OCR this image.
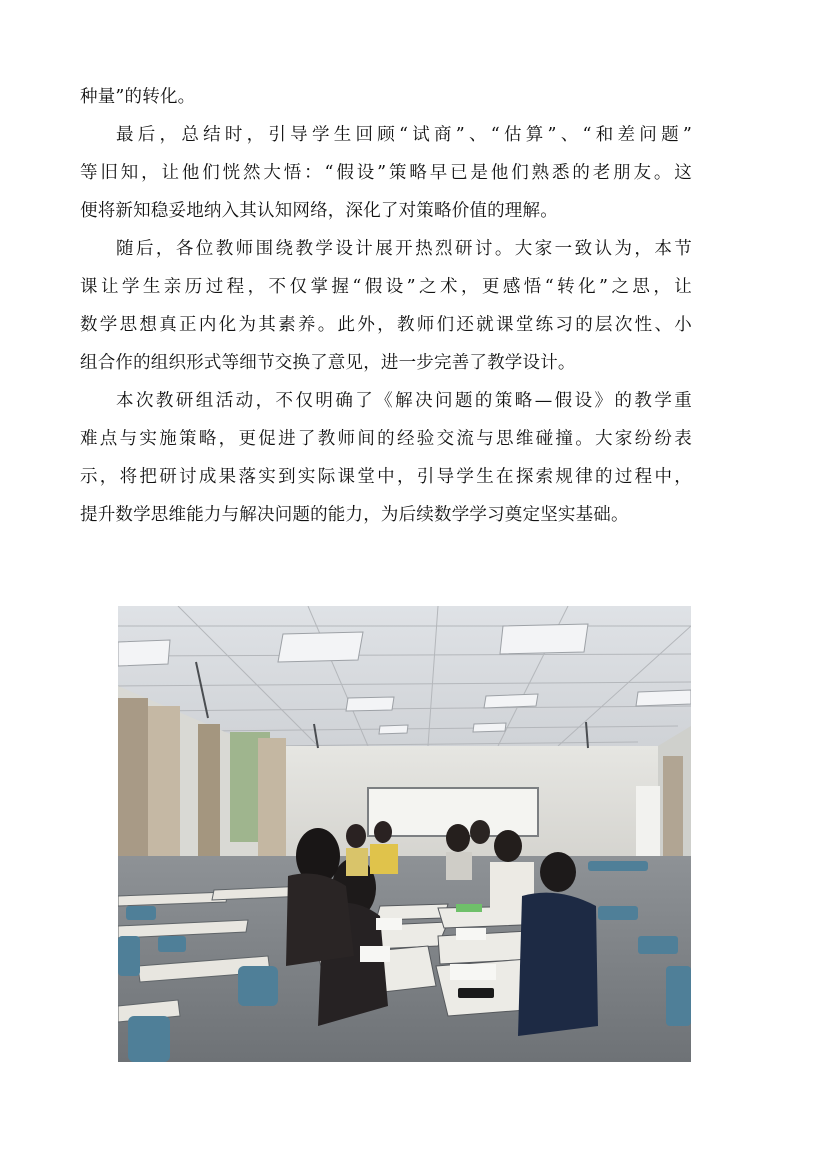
种量”的转化。
最后，总结时，引导学生回顾“试商”、“估算”、“和差问题”
等旧知，让他们恍然大悟：“假设”策略早已是他们熟悉的老朋友。这
便将新知稳妥地纳入其认知网络，深化了对策略价值的理解。
随后，各位教师围绕教学设计展开热烈研讨。大家一致认为，本节
课让学生亲历过程，不仅掌握“假设”之术，更感悟“转化”之思，让
数学思想真正内化为其素养。此外，教师们还就课堂练习的层次性、小
组合作的组织形式等细节交换了意见，进一步完善了教学设计。
本次教研组活动，不仅明确了《解决问题的策略—假设》的教学重
难点与实施策略，更促进了教师间的经验交流与思维碰撞。大家纷纷表
示，将把研讨成果落实到实际课堂中，引导学生在探索规律的过程中，
提升数学思维能力与解决问题的能力，为后续数学学习奠定坚实基础。
